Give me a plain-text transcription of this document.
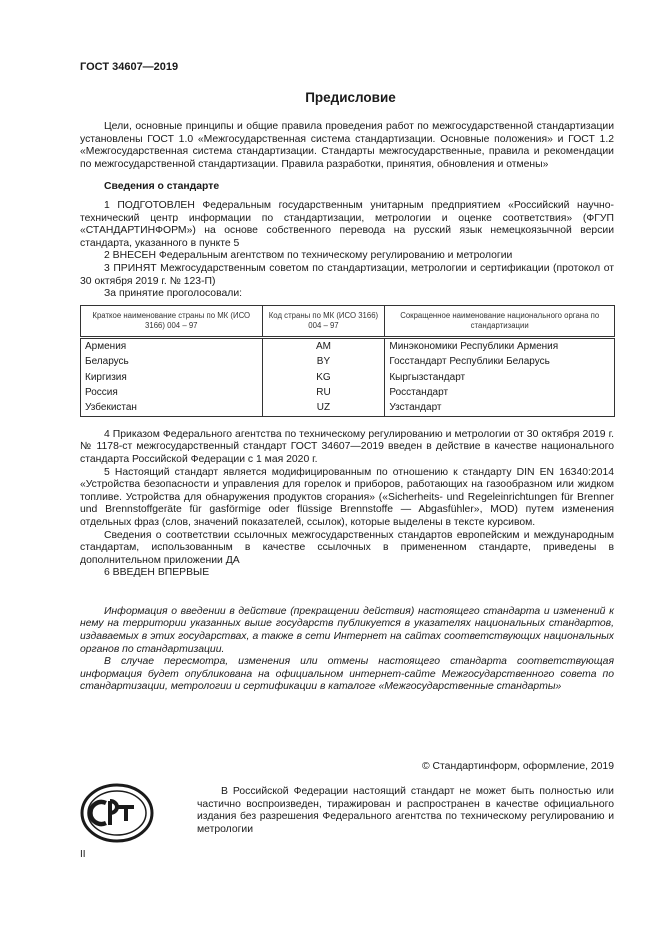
ГОСТ 34607—2019
Предисловие

Цели, основные принципы и общие правила проведения работ по межгосударственной стандартизации установлены ГОСТ 1.0 «Межгосударственная система стандартизации. Основные положения» и ГОСТ 1.2 «Межгосударственная система стандартизации. Стандарты межгосударственные, правила и рекомендации по межгосударственной стандартизации. Правила разработки, принятия, обновления и отмены»

Сведения о стандарте

1 ПОДГОТОВЛЕН Федеральным государственным унитарным предприятием «Российский научно-технический центр информации по стандартизации, метрологии и оценке соответствия» (ФГУП «СТАНДАРТИНФОРМ») на основе собственного перевода на русский язык немецкоязычной версии стандарта, указанного в пункте 5

2 ВНЕСЕН Федеральным агентством по техническому регулированию и метрологии

3 ПРИНЯТ Межгосударственным советом по стандартизации, метрологии и сертификации (протокол от 30 октября 2019 г. № 123-П)

За принятие проголосовали:

Краткое наименование страны по МК (ИСО 3166) 004 – 97	Код страны по МК (ИСО 3166) 004 – 97	Сокращенное наименование национального органа по стандартизации
Армения	AM	Минэкономики Республики Армения
Беларусь	BY	Госстандарт Республики Беларусь
Киргизия	KG	Кыргызстандарт
Россия	RU	Росстандарт
Узбекистан	UZ	Узстандарт

4 Приказом Федерального агентства по техническому регулированию и метрологии от 30 октября 2019 г. № 1178-ст межгосударственный стандарт ГОСТ 34607—2019 введен в действие в качестве национального стандарта Российской Федерации с 1 мая 2020 г.

5 Настоящий стандарт является модифицированным по отношению к стандарту DIN EN 16340:2014 «Устройства безопасности и управления для горелок и приборов, работающих на газообразном или жидком топливе. Устройства для обнаружения продуктов сгорания» («Sicherheits- und Regeleinrichtungen für Brenner und Brennstoffgeräte für gasförmige oder flüssige Brennstoffe — Abgasfühler», MOD) путем изменения отдельных фраз (слов, значений показателей, ссылок), которые выделены в тексте курсивом.

Сведения о соответствии ссылочных межгосударственных стандартов европейским и международным стандартам, использованным в качестве ссылочных в примененном стандарте, приведены в дополнительном приложении ДА

6 ВВЕДЕН ВПЕРВЫЕ

Информация о введении в действие (прекращении действия) настоящего стандарта и изменений к нему на территории указанных выше государств публикуется в указателях национальных стандартов, издаваемых в этих государствах, а также в сети Интернет на сайтах соответствующих национальных органов по стандартизации.

В случае пересмотра, изменения или отмены настоящего стандарта соответствующая информация будет опубликована на официальном интернет-сайте Межгосударственного совета по стандартизации, метрологии и сертификации в каталоге «Межгосударственные стандарты»

© Стандартинформ, оформление, 2019

В Российской Федерации настоящий стандарт не может быть полностью или частично воспроизведен, тиражирован и распространен в качестве официального издания без разрешения Федерального агентства по техническому регулированию и метрологии

II
